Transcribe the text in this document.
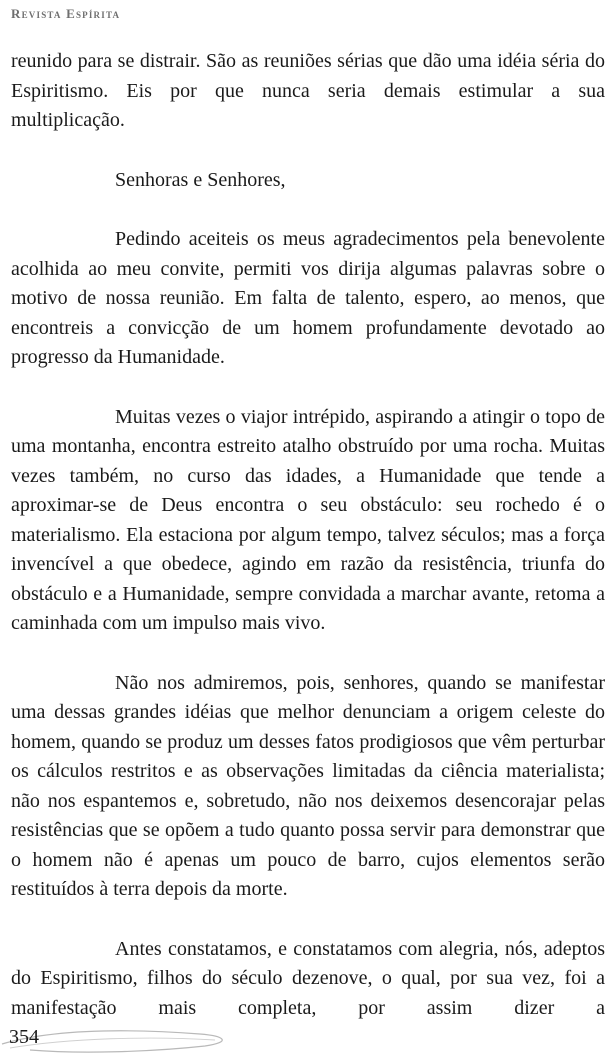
Revista Espírita

reunido para se distrair. São as reuniões sérias que dão uma idéia séria do Espiritismo. Eis por que nunca seria demais estimular a sua multiplicação.

Senhoras e Senhores,

Pedindo aceiteis os meus agradecimentos pela benevolente acolhida ao meu convite, permiti vos dirija algumas palavras sobre o motivo de nossa reunião. Em falta de talento, espero, ao menos, que encontreis a convicção de um homem profundamente devotado ao progresso da Humanidade.

Muitas vezes o viajor intrépido, aspirando a atingir o topo de uma montanha, encontra estreito atalho obstruído por uma rocha. Muitas vezes também, no curso das idades, a Humanidade que tende a aproximar-se de Deus encontra o seu obstáculo: seu rochedo é o materialismo. Ela estaciona por algum tempo, talvez séculos; mas a força invencível a que obedece, agindo em razão da resistência, triunfa do obstáculo e a Humanidade, sempre convidada a marchar avante, retoma a caminhada com um impulso mais vivo.

Não nos admiremos, pois, senhores, quando se manifestar uma dessas grandes idéias que melhor denunciam a origem celeste do homem, quando se produz um desses fatos prodigiosos que vêm perturbar os cálculos restritos e as observações limitadas da ciência materialista; não nos espantemos e, sobretudo, não nos deixemos desencorajar pelas resistências que se opõem a tudo quanto possa servir para demonstrar que o homem não é apenas um pouco de barro, cujos elementos serão restituídos à terra depois da morte.

Antes constatamos, e constatamos com alegria, nós, adeptos do Espiritismo, filhos do século dezenove, o qual, por sua vez, foi a manifestação mais completa, por assim dizer a

354
